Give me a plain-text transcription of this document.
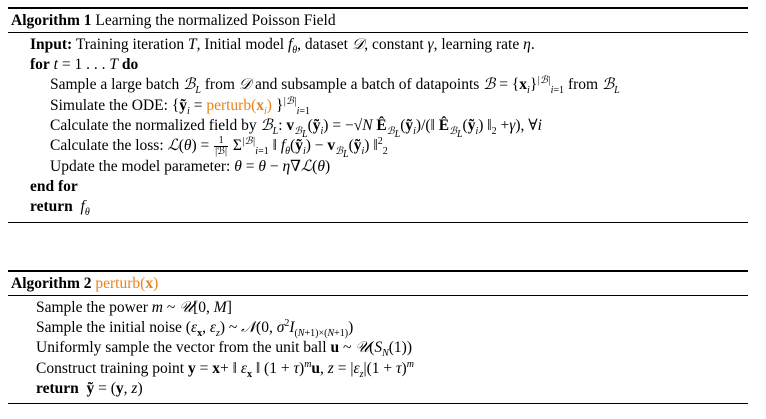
Algorithm 1 Learning the normalized Poisson Field
Input: Training iteration T, Initial model $f_\theta$, dataset 𝒟, constant γ, learning rate η.
for t = 1 . . . T do
Sample a large batch ℬ$_L$ from 𝒟 and subsample a batch of datapoints ℬ = $\{x_i\}^{|ℬ|}_{i=1}$ from ℬ$_L$
Simulate the ODE: {ỹ$_i$ = $perturb(x_i)$ }$^{|ℬ|}_{i=1}$
Calculate the normalized field by ℬ$_L$: $v_{ℬ_L}(ỹ_i) = -√N$ $Ê_{ℬ_L}(ỹ_i)/(‖$ $Ê_{ℬ_L}(ỹ_i)$ $‖_2 +\gamma$), ∀i
Calculate the loss: ℒ(θ) = $\frac{1}{\text{|ℬ|}} \Sigma^{|ℬ|}_{i=1}$ ‖ $f_\theta(ỹ_i)$ − $v_{ℬ_L}(ỹ_i)$ ‖$^2_2$
Update the model parameter: θ = θ − η∇ℒ(θ)
end for
return $f_\theta$
Algorithm 2 perturb(x)
Sample the power m ~ 𝒰[0, M]
Sample the initial noise ($\varepsilon_x$, $\varepsilon_z$) ~ 𝒩(0, $\sigma^2I_{(N+1)\times(N+1)}$)
Uniformly sample the vector from the unit ball u ~ $𝒰(S_N(1))$
Construct training point y = x+ ‖ $\varepsilon_x$ ‖ $(1 + \tau)^mu$, $z = |\varepsilon_z|(1 + \tau)^m$
return ỹ = (y, z)
